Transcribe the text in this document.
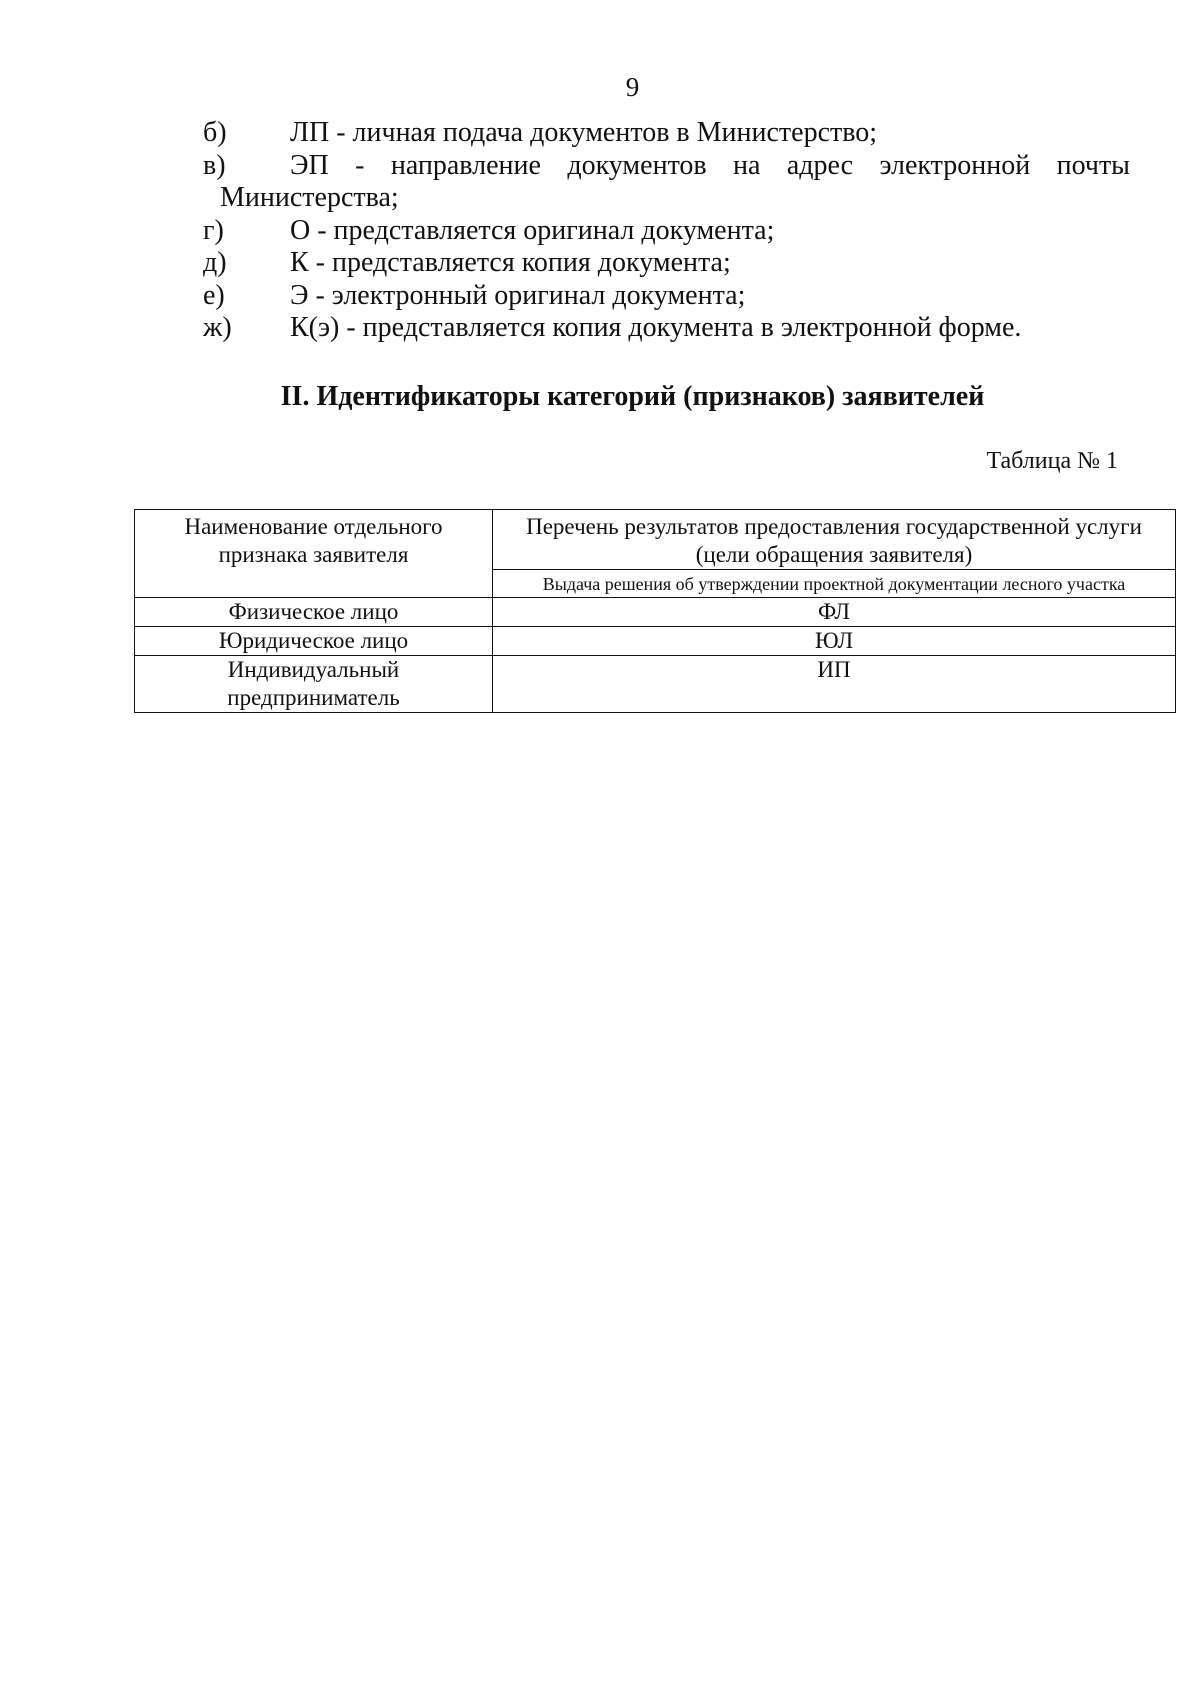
9
б)	ЛП - личная подача документов в Министерство;
в)	ЭП - направление документов на адрес электронной почты
Министерства;
г)	О - представляется оригинал документа;
д)	К - представляется копия документа;
е)	Э - электронный оригинал документа;
ж)	К(э) - представляется копия документа в электронной форме.
II. Идентификаторы категорий (признаков) заявителей
Таблица № 1
Наименование отдельного признака заявителя	Перечень результатов предоставления государственной услуги (цели обращения заявителя)
	Выдача решения об утверждении проектной документации лесного участка
Физическое лицо	ФЛ
Юридическое лицо	ЮЛ
Индивидуальный предприниматель	ИП
